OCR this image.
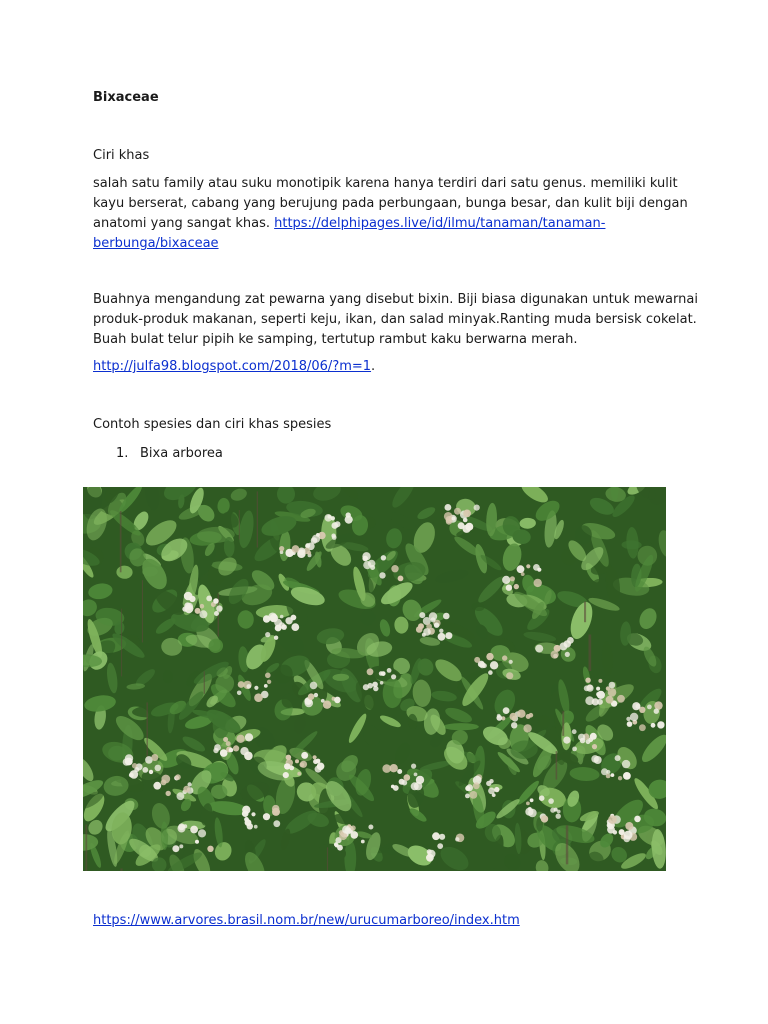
Bixaceae
Ciri khas
salah satu family atau suku monotipik karena hanya terdiri dari satu genus. memiliki kulit
kayu berserat, cabang yang berujung pada perbungaan, bunga besar, dan kulit biji dengan
anatomi yang sangat khas. https://delphipages.live/id/ilmu/tanaman/tanaman-
berbunga/bixaceae
Buahnya mengandung zat pewarna yang disebut bixin. Biji biasa digunakan untuk mewarnai
produk-produk makanan, seperti keju, ikan, dan salad minyak.Ranting muda bersisk cokelat.
Buah bulat telur pipih ke samping, tertutup rambut kaku berwarna merah.
http://julfa98.blogspot.com/2018/06/?m=1.
Contoh spesies dan ciri khas spesies
1. Bixa arborea
https://www.arvores.brasil.nom.br/new/urucumarboreo/index.htm
